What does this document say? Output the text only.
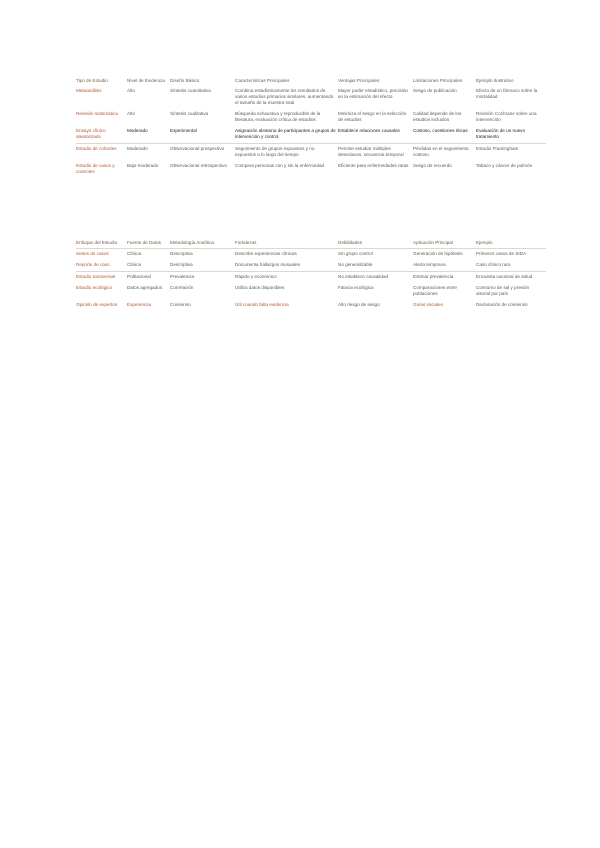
Tipo de Estudio	Nivel de Evidencia	Diseño Básico	Características Principales	Ventajas Principales	Limitaciones Principales	Ejemplo Ilustrativo
Metaanálisis	Alto	Síntesis cuantitativa	Combina estadísticamente los resultados de varios estudios primarios similares, aumentando el tamaño de la muestra total	Mayor poder estadístico, precisión en la estimación del efecto	Sesgo de publicación	Efecto de un fármaco sobre la mortalidad
Revisión sistemática	Alto	Síntesis cualitativa	Búsqueda exhaustiva y reproducible de la literatura, evaluación crítica de estudios	Minimiza el sesgo en la selección de estudios	Calidad depende de los estudios incluidos	Revisión Cochrane sobre una intervención
Ensayo clínico aleatorizado	Moderado	Experimental	Asignación aleatoria de participantes a grupos de intervención y control	Establece relaciones causales	Costoso, cuestiones éticas	Evaluación de un nuevo tratamiento
Estudio de cohortes	Moderado	Observacional prospectivo	Seguimiento de grupos expuestos y no expuestos a lo largo del tiempo	Permite estudiar múltiples desenlaces, secuencia temporal	Pérdidas en el seguimiento, costoso	Estudio Framingham
Estudio de casos y controles	Bajo-moderado	Observacional retrospectivo	Compara personas con y sin la enfermedad	Eficiente para enfermedades raras	Sesgo de recuerdo	Tabaco y cáncer de pulmón
Enfoque del Estudio	Fuente de Datos	Metodología Analítica	Fortalezas	Debilidades	Aplicación Principal	Ejemplo
Series de casos	Clínica	Descriptiva	Describe experiencias clínicas	Sin grupo control	Generación de hipótesis	Primeros casos de SIDA
Reporte de caso	Clínica	Descriptiva	Documenta hallazgos inusuales	No generalizable	Alerta temprana	Caso clínico raro
Estudio transversal	Poblacional	Prevalencia	Rápido y económico	No establece causalidad	Estimar prevalencia	Encuesta nacional de salud
Estudio ecológico	Datos agregados	Correlación	Utiliza datos disponibles	Falacia ecológica	Comparaciones entre poblaciones	Consumo de sal y presión arterial por país
Opinión de expertos	Experiencia	Consenso	Útil cuando falta evidencia	Alto riesgo de sesgo	Guías iniciales	Declaración de consenso
